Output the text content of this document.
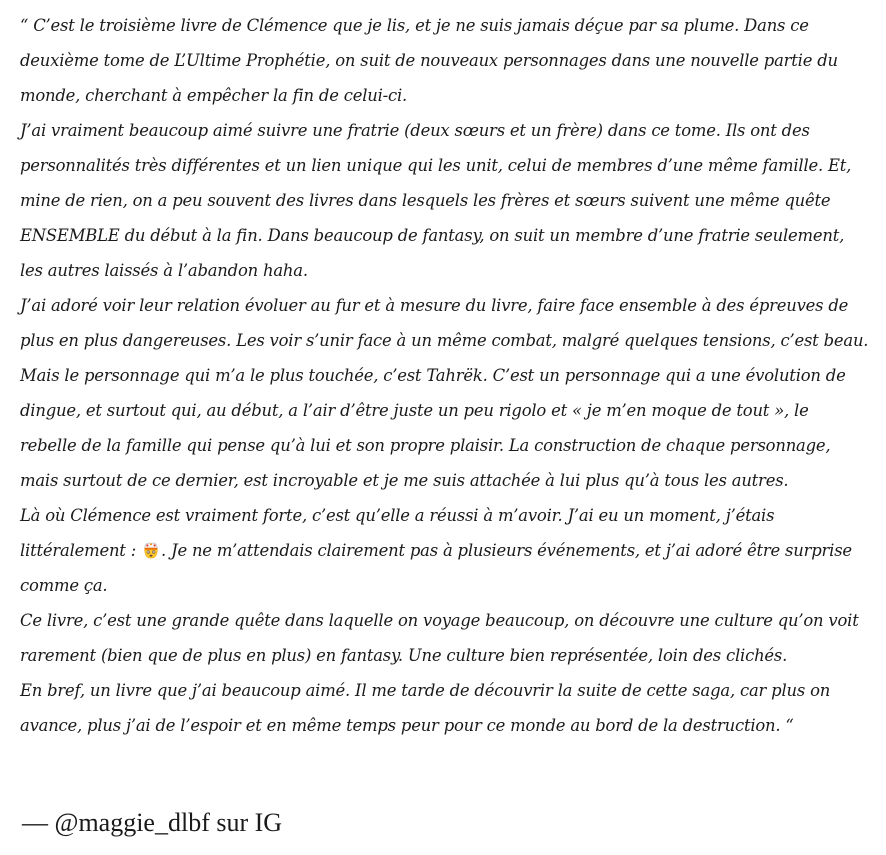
“ C’est le troisième livre de Clémence que je lis, et je ne suis jamais déçue par sa plume. Dans ce deuxième tome de L’Ultime Prophétie, on suit de nouveaux personnages dans une nouvelle partie du monde, cherchant à empêcher la fin de celui-ci.

J’ai vraiment beaucoup aimé suivre une fratrie (deux sœurs et un frère) dans ce tome. Ils ont des personnalités très différentes et un lien unique qui les unit, celui de membres d’une même famille. Et, mine de rien, on a peu souvent des livres dans lesquels les frères et sœurs suivent une même quête ENSEMBLE du début à la fin. Dans beaucoup de fantasy, on suit un membre d’une fratrie seulement, les autres laissés à l’abandon haha.

J’ai adoré voir leur relation évoluer au fur et à mesure du livre, faire face ensemble à des épreuves de plus en plus dangereuses. Les voir s’unir face à un même combat, malgré quelques tensions, c’est beau. Mais le personnage qui m’a le plus touchée, c’est Tahrëk. C’est un personnage qui a une évolution de dingue, et surtout qui, au début, a l’air d’être juste un peu rigolo et « je m’en moque de tout », le rebelle de la famille qui pense qu’à lui et son propre plaisir. La construction de chaque personnage, mais surtout de ce dernier, est incroyable et je me suis attachée à lui plus qu’à tous les autres.

Là où Clémence est vraiment forte, c’est qu’elle a réussi à m’avoir. J’ai eu un moment, j’étais littéralement : . Je ne m’attendais clairement pas à plusieurs événements, et j’ai adoré être surprise comme ça.

Ce livre, c’est une grande quête dans laquelle on voyage beaucoup, on découvre une culture qu’on voit rarement (bien que de plus en plus) en fantasy. Une culture bien représentée, loin des clichés.

En bref, un livre que j’ai beaucoup aimé. Il me tarde de découvrir la suite de cette saga, car plus on avance, plus j’ai de l’espoir et en même temps peur pour ce monde au bord de la destruction. “

— @maggie_dlbf sur IG
